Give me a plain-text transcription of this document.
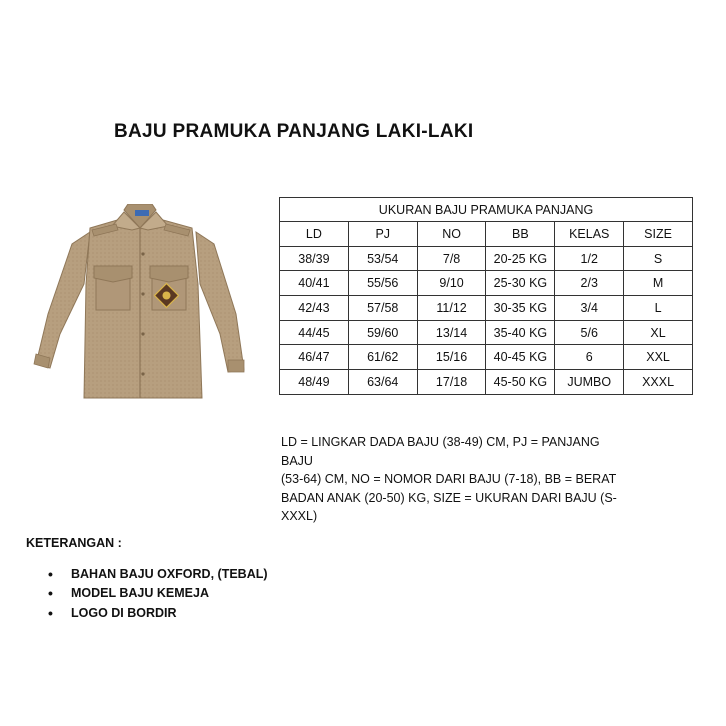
BAJU PRAMUKA PANJANG LAKI-LAKI
UKURAN BAJU PRAMUKA PANJANG					
LD	PJ	NO	BB	KELAS	SIZE
38/39	53/54	7/8	20-25 KG	1/2	S
40/41	55/56	9/10	25-30 KG	2/3	M
42/43	57/58	11/12	30-35 KG	3/4	L
44/45	59/60	13/14	35-40 KG	5/6	XL
46/47	61/62	15/16	40-45 KG	6	XXL
48/49	63/64	17/18	45-50 KG	JUMBO	XXXL
LD = LINGKAR DADA BAJU (38-49) CM, PJ = PANJANG BAJU
(53-64) CM, NO = NOMOR DARI BAJU (7-18), BB = BERAT
BADAN ANAK (20-50) KG, SIZE = UKURAN DARI BAJU (S-
XXXL)
KETERANGAN :
•	BAHAN BAJU OXFORD, (TEBAL)
•	MODEL BAJU KEMEJA
•	LOGO DI BORDIR
